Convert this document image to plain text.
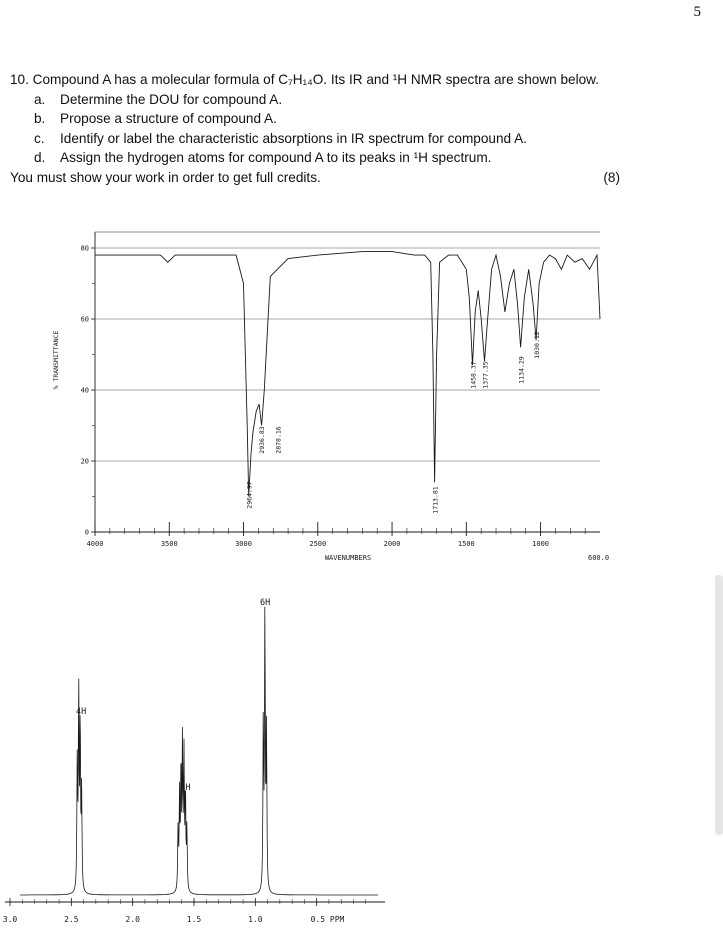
5
10. Compound A has a molecular formula of C₇H₁₄O. Its IR and ¹H NMR spectra are shown below.
a.	Determine the DOU for compound A.
b.	Propose a structure of compound A.
c.	Identify or label the characteristic absorptions in IR spectrum for compound A.
d.	Assign the hydrogen atoms for compound A to its peaks in ¹H spectrum.
You must show your work in order to get full credits.	(8)
80
60
40
20
0
4000	3500	3000	2500	2000	1500	1000
600.0
WAVENUMBERS
% TRANSMITTANCE
2964.97
2936.83 2878.16
1713.81
1458.37 1377.35	1134.29
1030.12
3.0	2.5	2.0	1.5	1.0	0.5 PPM
4H
4H
6H
